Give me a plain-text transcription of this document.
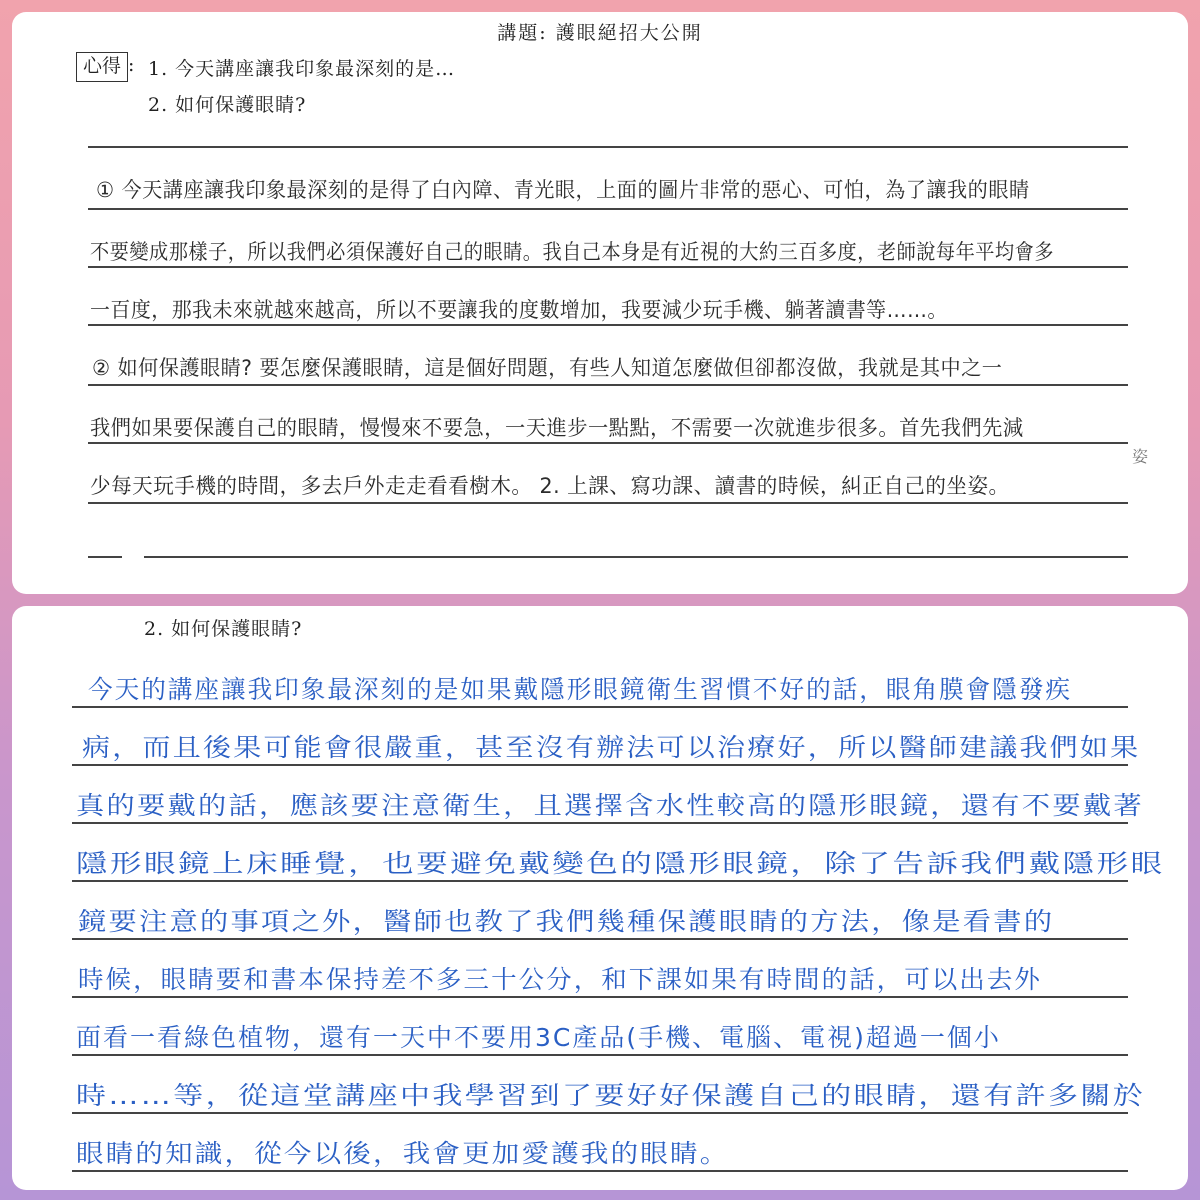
講題: 護眼絕招大公開
心得 : 1. 今天講座讓我印象最深刻的是…
2. 如何保護眼睛?
① 今天講座讓我印象最深刻的是得了白內障、青光眼，上面的圖片非常的惡心、可怕，為了讓我的眼睛
不要變成那樣子，所以我們必須保護好自己的眼睛。我自己本身是有近視的大約三百多度，老師說每年平均會多
一百度，那我未來就越來越高，所以不要讓我的度數增加，我要減少玩手機、躺著讀書等……。
② 如何保護眼睛? 要怎麼保護眼睛，這是個好問題，有些人知道怎麼做但卻都沒做，我就是其中之一
我們如果要保護自己的眼睛，慢慢來不要急，一天進步一點點，不需要一次就進步很多。首先我們先減
少每天玩手機的時間，多去戶外走走看看樹木。 2. 上課、寫功課、讀書的時候，糾正自己的坐姿。
姿
2. 如何保護眼睛?
今天的講座讓我印象最深刻的是如果戴隱形眼鏡衛生習慣不好的話，眼角膜會隱發疾
病，而且後果可能會很嚴重，甚至沒有辦法可以治療好，所以醫師建議我們如果
真的要戴的話，應該要注意衛生，且選擇含水性較高的隱形眼鏡，還有不要戴著
隱形眼鏡上床睡覺，也要避免戴變色的隱形眼鏡，除了告訴我們戴隱形眼
鏡要注意的事項之外，醫師也教了我們幾種保護眼睛的方法，像是看書的
時候，眼睛要和書本保持差不多三十公分，和下課如果有時間的話，可以出去外
面看一看綠色植物，還有一天中不要用3C產品(手機、電腦、電視)超過一個小
時……等，從這堂講座中我學習到了要好好保護自己的眼睛，還有許多關於
眼睛的知識，從今以後，我會更加愛護我的眼睛。
